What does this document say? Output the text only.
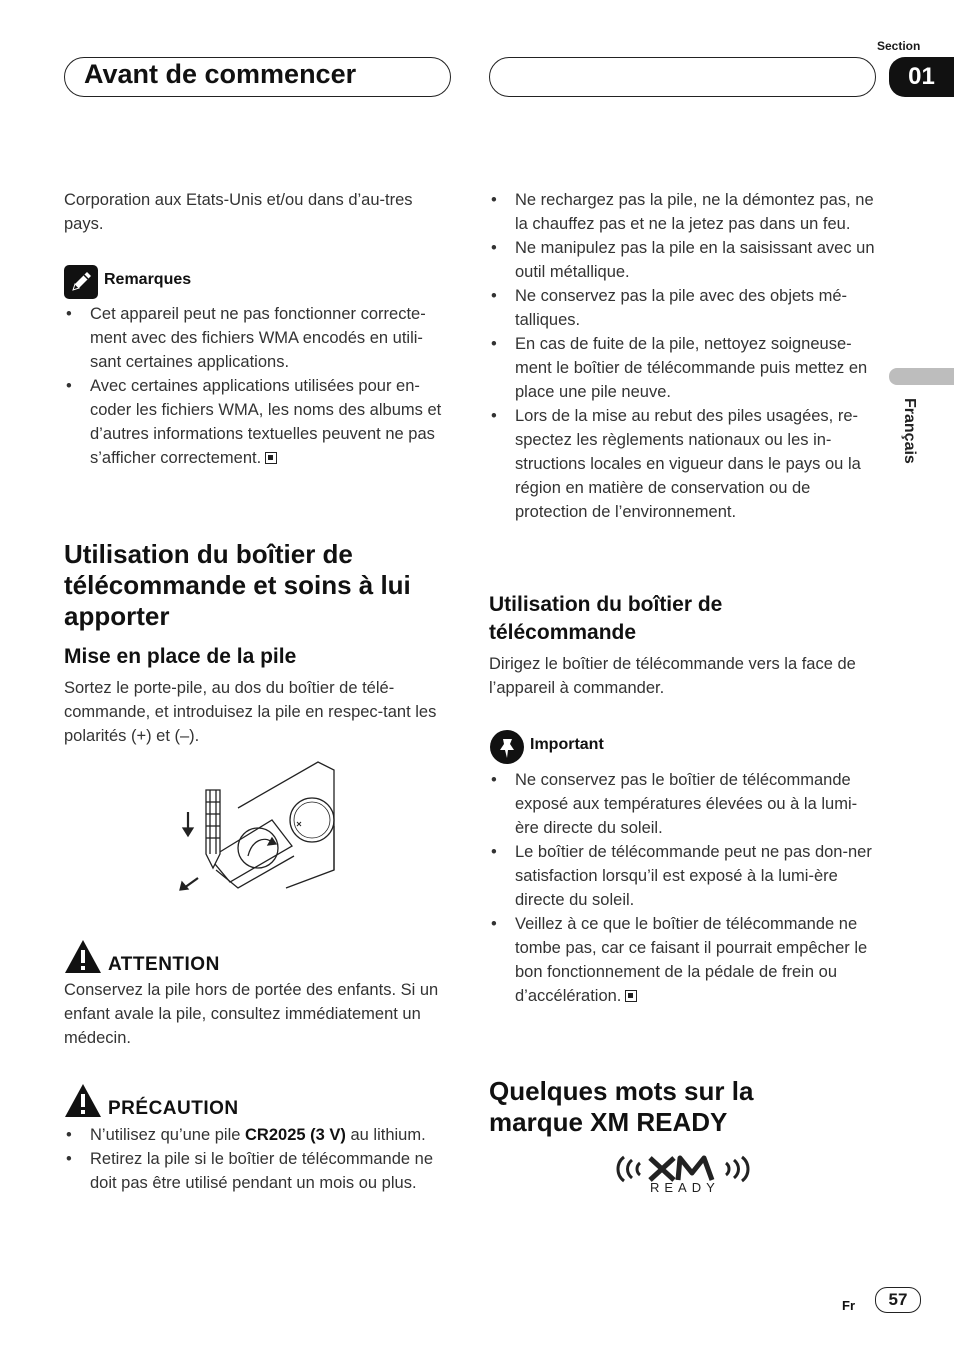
Avant de commencer
Section
01
Français
Corporation aux Etats-Unis et/ou dans d’au-tres pays.
Remarques
• Cet appareil peut ne pas fonctionner correcte-ment avec des fichiers WMA encodés en utili-sant certaines applications.
• Avec certaines applications utilisées pour en-coder les fichiers WMA, les noms des albums et d’autres informations textuelles peuvent ne pas s’afficher correctement.
Utilisation du boîtier de télécommande et soins à lui apporter
Mise en place de la pile
Sortez le porte-pile, au dos du boîtier de télé-commande, et introduisez la pile en respec-tant les polarités (+) et (–).
ATTENTION
Conservez la pile hors de portée des enfants. Si un enfant avale la pile, consultez immédiatement un médecin.
PRÉCAUTION
• N’utilisez qu’une pile CR2025 (3 V) au lithium.
• Retirez la pile si le boîtier de télécommande ne doit pas être utilisé pendant un mois ou plus.
• Ne rechargez pas la pile, ne la démontez pas, ne la chauffez pas et ne la jetez pas dans un feu.
• Ne manipulez pas la pile en la saisissant avec un outil métallique.
• Ne conservez pas la pile avec des objets mé-talliques.
• En cas de fuite de la pile, nettoyez soigneuse-ment le boîtier de télécommande puis mettez en place une pile neuve.
• Lors de la mise au rebut des piles usagées, re-spectez les règlements nationaux ou les in-structions locales en vigueur dans le pays ou la région en matière de conservation ou de protection de l’environnement.
Utilisation du boîtier de télécommande
Dirigez le boîtier de télécommande vers la face de l’appareil à commander.
Important
• Ne conservez pas le boîtier de télécommande exposé aux températures élevées ou à la lumi-ère directe du soleil.
• Le boîtier de télécommande peut ne pas don-ner satisfaction lorsqu’il est exposé à la lumi-ère directe du soleil.
• Veillez à ce que le boîtier de télécommande ne tombe pas, car ce faisant il pourrait empêcher le bon fonctionnement de la pédale de frein ou d’accélération.
Quelques mots sur la marque XM READY
READY
Fr	57
